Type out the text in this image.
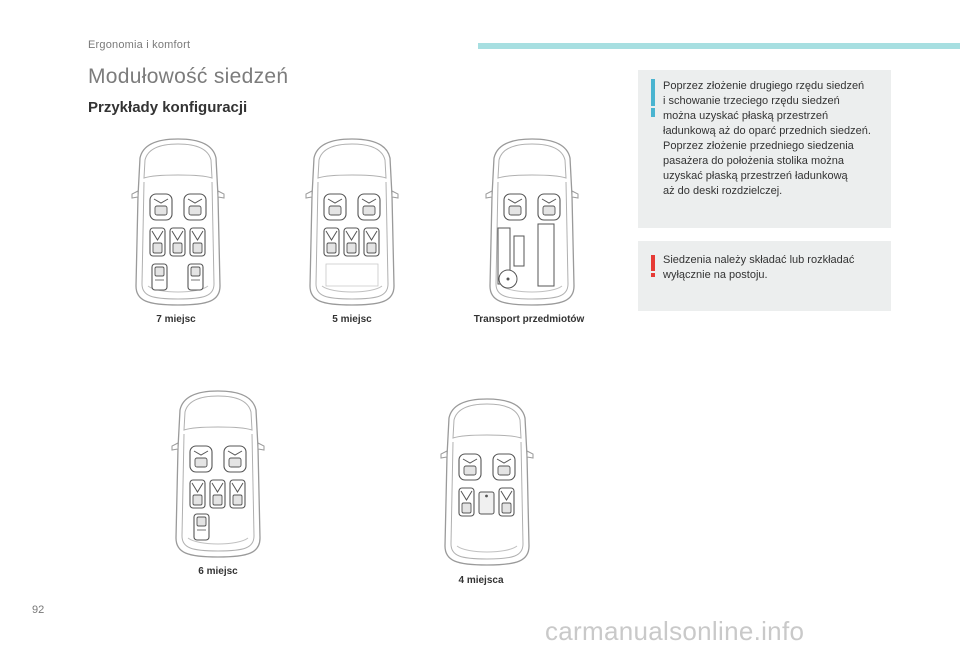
Ergonomia i komfort
Modułowość siedzeń
Przykłady konfiguracji
7 miejsc	5 miejsc	Transport przedmiotów
6 miejsc
4 miejsca
Poprzez złożenie drugiego rzędu siedzeń
i schowanie trzeciego rzędu siedzeń
można uzyskać płaską przestrzeń
ładunkową aż do oparć przednich siedzeń.
Poprzez złożenie przedniego siedzenia
pasażera do położenia stolika można
uzyskać płaską przestrzeń ładunkową
aż do deski rozdzielczej.
Siedzenia należy składać lub rozkładać
wyłącznie na postoju.
92
carmanualsonline.info
